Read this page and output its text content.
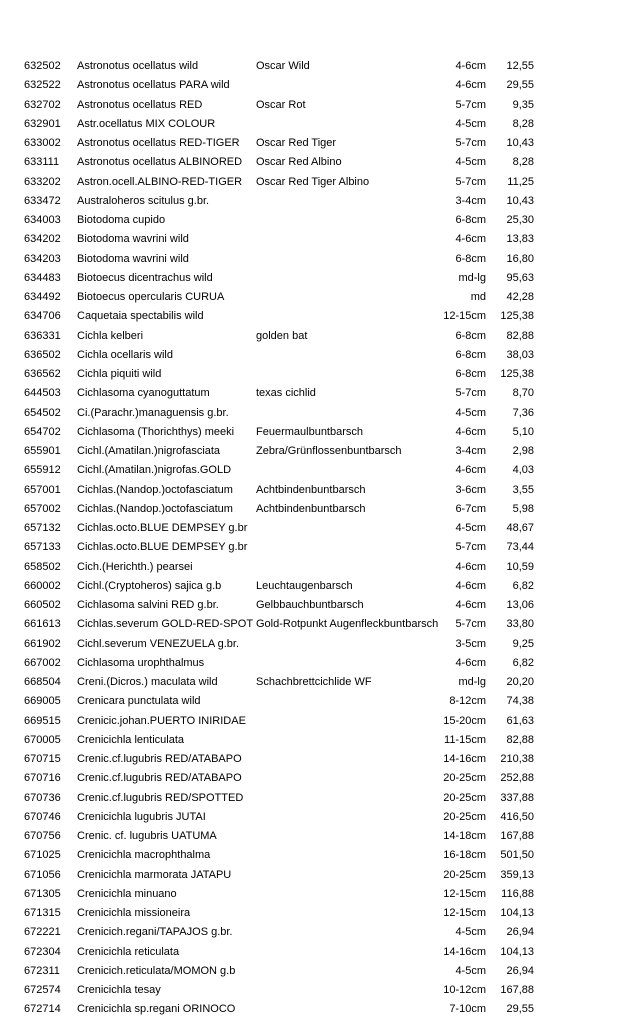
632502	Astronotus ocellatus wild	Oscar Wild	4-6cm	12,55
632522	Astronotus ocellatus PARA wild		4-6cm	29,55
632702	Astronotus ocellatus RED	Oscar Rot	5-7cm	9,35
632901	Astr.ocellatus MIX COLOUR		4-5cm	8,28
633002	Astronotus ocellatus RED-TIGER	Oscar Red Tiger	5-7cm	10,43
633111	Astronotus ocellatus ALBINORED	Oscar Red Albino	4-5cm	8,28
633202	Astron.ocell.ALBINO-RED-TIGER	Oscar Red Tiger Albino	5-7cm	11,25
633472	Australoheros scitulus g.br.		3-4cm	10,43
634003	Biotodoma cupido		6-8cm	25,30
634202	Biotodoma wavrini wild		4-6cm	13,83
634203	Biotodoma wavrini wild		6-8cm	16,80
634483	Biotoecus dicentrachus wild		md-lg	95,63
634492	Biotoecus opercularis CURUA		md	42,28
634706	Caquetaia spectabilis wild		12-15cm	125,38
636331	Cichla kelberi	golden bat	6-8cm	82,88
636502	Cichla ocellaris wild		6-8cm	38,03
636562	Cichla piquiti wild		6-8cm	125,38
644503	Cichlasoma cyanoguttatum	texas cichlid	5-7cm	8,70
654502	Ci.(Parachr.)managuensis g.br.		4-5cm	7,36
654702	Cichlasoma (Thorichthys) meeki	Feuermaulbuntbarsch	4-6cm	5,10
655901	Cichl.(Amatilan.)nigrofasciata	Zebra/Grünflossenbuntbarsch	3-4cm	2,98
655912	Cichl.(Amatilan.)nigrofas.GOLD		4-6cm	4,03
657001	Cichlas.(Nandop.)octofasciatum	Achtbindenbuntbarsch	3-6cm	3,55
657002	Cichlas.(Nandop.)octofasciatum	Achtbindenbuntbarsch	6-7cm	5,98
657132	Cichlas.octo.BLUE DEMPSEY g.br		4-5cm	48,67
657133	Cichlas.octo.BLUE DEMPSEY g.br		5-7cm	73,44
658502	Cich.(Herichth.) pearsei		4-6cm	10,59
660002	Cichl.(Cryptoheros) sajica g.b	Leuchtaugenbarsch	4-6cm	6,82
660502	Cichlasoma salvini RED g.br.	Gelbbauchbuntbarsch	4-6cm	13,06
661613	Cichlas.severum GOLD-RED-SPOT	Gold-Rotpunkt Augenfleckbuntbarsch	5-7cm	33,80
661902	Cichl.severum VENEZUELA g.br.		3-5cm	9,25
667002	Cichlasoma urophthalmus		4-6cm	6,82
668504	Creni.(Dicros.) maculata wild	Schachbrettcichlide WF	md-lg	20,20
669005	Crenicara punctulata wild		8-12cm	74,38
669515	Crenicic.johan.PUERTO INIRIDAE		15-20cm	61,63
670005	Crenicichla lenticulata		11-15cm	82,88
670715	Crenic.cf.lugubris RED/ATABAPO		14-16cm	210,38
670716	Crenic.cf.lugubris RED/ATABAPO		20-25cm	252,88
670736	Crenic.cf.lugubris RED/SPOTTED		20-25cm	337,88
670746	Crenicichla lugubris JUTAI		20-25cm	416,50
670756	Crenic. cf. lugubris UATUMA		14-18cm	167,88
671025	Crenicichla macrophthalma		16-18cm	501,50
671056	Crenicichla marmorata JATAPU		20-25cm	359,13
671305	Crenicichla minuano		12-15cm	116,88
671315	Crenicichla missioneira		12-15cm	104,13
672221	Crenicich.regani/TAPAJOS g.br.		4-5cm	26,94
672304	Crenicichla reticulata		14-16cm	104,13
672311	Crenicich.reticulata/MOMON g.b		4-5cm	26,94
672574	Crenicichla tesay		10-12cm	167,88
672714	Crenicichla sp.regani ORINOCO		7-10cm	29,55
